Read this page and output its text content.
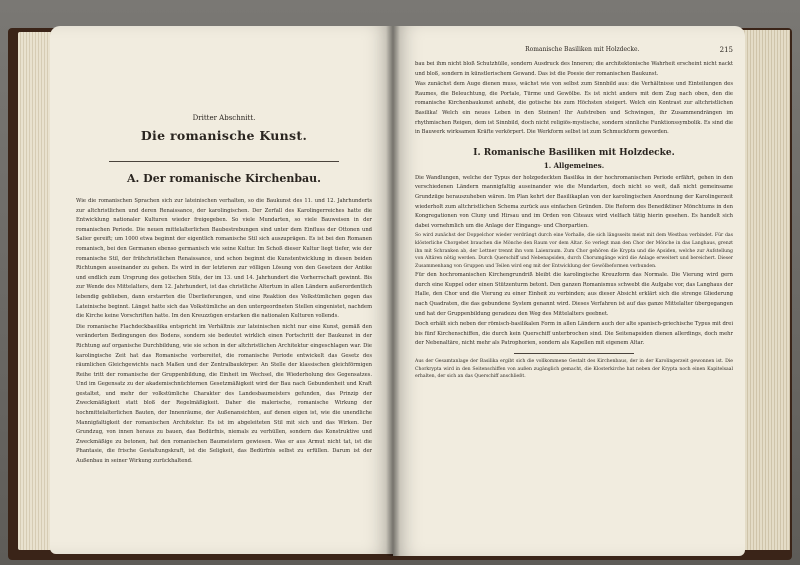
Dritter Abschnitt.

Die romanische Kunst.

A. Der romanische Kirchenbau.

Wie die romanischen Sprachen sich zur lateinischen verhalten, so die Baukunst des 11. und 12. Jahrhunderts zur altchristlichen und deren Renaissance, der karolingischen. Der Zerfall des Karolingerreiches hatte die Entwicklung nationaler Kulturen wieder freigegeben. So viele Mundarten, so viele Bauweisen in der romanischen Periode. Die neuen mittelalterlichen Baubestrebungen sind unter dem Einfluss der Ottonen und Salier gereift; um 1000 etwa beginnt der eigentlich romanische Stil sich auszuprägen. Es ist bei den Romanen romanisch, bei den Germanen ebenso germanisch wie seine Kultur. Im Schoß dieser Kultur liegt tiefer, wie der romanische Stil, der frühchristlichen Renaissance, und schon beginnt die Kunstentwicklung in diesen beiden Richtungen auseinander zu gehen. Es wird in der letzteren zur völligen Lösung von den Gesetzen der Antike und endlich zum Ursprung des gotischen Stils, der im 13. und 14. Jahrhundert die Vorherrschaft gewinnt. Bis zur Wende des Mittelalters, dem 12. Jahrhundert, ist das christliche Altertum in allen Ländern außerordentlich lebendig geblieben, dann erstarrten die Überlieferungen, und eine Reaktion des Volkstümlichen gegen das Lateinische beginnt. Längst hatte sich das Volkstümliche an den untergeordneten Stellen eingenistet, nachdem die Kirche keine Vorschriften hatte. Im den Kreuzzügen erstarken die nationalen Kulturen vollends.

Die romanische Flachdeckbasilika entspricht im Verhältnis zur lateinischen nicht nur eine Kunst, gemäß den veränderten Bedingungen des Bodens, sondern sie bedeutet wirklich einen Fortschritt der Baukunst in der Richtung auf organische Durchbildung, wie sie schon in der altchristlichen Architektur eingeschlagen war. Die karolingische Zeit hat das Romanische vorbereitet, die romanische Periode entwickelt das Gesetz des räumlichen Gleichgewichts nach Maßen und der Zentralbaukörper. An Stelle der klassischen gleichförmigen Reihe tritt der romanische der Gruppenbildung, die Einheit im Wechsel, die Wiederholung des Gegensatzes. Und im Gegensatz zu der akademischnüchternen Gesetzmäßigkeit wird der Bau nach Gebundenheit und Kraft gestaltet, und mehr der volkstümliche Charakter des Landesbaumeisters gefunden, das Prinzip der Zweckmäßigkeit statt bloß der Regelmäßigkeit. Daher die malerische, romanische Wirkung der hochmittelalterlichen Bauten, der Innenräume, der Außenansichten, auf denen eigen ist, wie die unendliche Mannigfaltigkeit der romanischen Architektur. Es ist im abgeleiteten Stil mit sich und das Wirken. Der Grundzug, von innen heraus zu bauen, das Bedürfnis, niemals zu verhüllen, sondern das Konstruktive und Zweckmäßige zu betonen, hat den romanischen Baumeistern gewiesen. Was er aus Armut nicht tat, ist die Phantasie, die frische Gestaltungskraft, ist die Seligkeit, das Bedürfnis selbst zu erfüllen. Darum ist der Außenbau in seiner Wirkung zurückhaltend.

Romanische Basiliken mit Holzdecke.	215

bau bei ihm nicht bloß Schutzhülle, sondern Ausdruck des Inneren; die architektonische Wahrheit erscheint nicht nackt und bloß, sondern in künstlerischem Gewand. Das ist die Poesie der romanischen Baukunst.

Was zunächst dem Auge dienen muss, wächst wie von selbst zum Sinnbild aus: die Verhältnisse und Einteilungen des Raumes, die Beleuchtung, die Portale, Türme und Gewölbe. Es ist nicht anders mit dem Zug nach oben, den die romanische Kirchenbaukunst anhebt, die gotische bis zum Höchsten steigert. Welch ein Kontrast zur altchristlichen Basilika! Welch ein neues Leben in den Steinen! Ihr Aufstreben und Schwingen, ihr Zusammendrängen im rhythmischen Reigen, dem ist Sinnbild, doch nicht religiös-mystische, sondern sinnliche Funktionssymbolik. Es sind die in Bauwerk wirksamen Kräfte verkörpert. Die Werkform selbst ist zum Schmuckform geworden.

I. Romanische Basiliken mit Holzdecke.

1. Allgemeines.

Die Wandlungen, welche der Typus der holzgedeckten Basilika in der hochromanischen Periode erfährt, gehen in den verschiedenen Ländern mannigfaltig auseinander wie die Mundarten, doch nicht so weit, daß nicht gemeinsame Grundzüge herauszuheben wären. Im Plan kehrt der Basilikaplan von der karolingischen Anordnung der Karolingerzeit wiederholt zum altchristlichen Schema zurück aus einfachen Gründen. Die Reform des Benediktiner Mönchtums in den Kongregationen von Cluny und Hirsau und im Orden von Citeaux wird vielfach tätig hierin gesehen. Es handelt sich dabei vornehmlich um die Anlage der Eingangs- und Chorpartien.

So wird zunächst der Doppelchor wieder verdrängt durch eine Vorhalle, die sich längsseits meist mit dem Westbau verbindet. Für das klösterliche Chorgebet brauchen die Mönche den Raum vor dem Altar. So verlegt man den Chor der Mönche in das Langhaus, grenzt ihn mit Schranken ab, der Lettner trennt ihn vom Laienraum. Zum Chor gehören die Krypta und die Apsiden, welche zur Aufstellung von Altären nötig werden. Durch Querschiff und Nebenapsiden, durch Chorumgänge wird die Anlage erweitert und bereichert. Dieser Zusammenhang von Gruppen und Teilen wird eng mit der Entwicklung der Gewölbeformen verbunden.

Für den hochromanischen Kirchengrundriß bleibt die karolingische Kreuzform das Normale. Die Vierung wird gern durch eine Kuppel oder einen Stützenturm betont. Den ganzen Romanismus schwebt die Aufgabe vor, das Langhaus der Halle, den Chor und die Vierung zu einer Einheit zu verbinden; aus dieser Absicht erklärt sich die strenge Gliederung nach Quadraten, die das gebundene System genannt wird. Dieses Verfahren ist auf das ganze Mittelalter übergegangen und hat der Gruppenbildung geradezu den Weg des Mittelalters geebnet.

Doch erhält sich neben der römisch-basilikalen Form in allen Ländern auch der alte spanisch-griechische Typus mit drei bis fünf Kirchenschiffen, die durch kein Querschiff unterbrochen sind. Die Seitenapsiden dienen allerdings, doch mehr der Nebenaltäre, nicht mehr als Patrophorien, sondern als Kapellen mit eigenem Altar.

Aus der Gesamtanlage der Basilika ergibt sich die vollkommene Gestalt des Kirchenbaus, der in der Karolingerzeit gewonnen ist. Die Chorkrypta wird in den Seitenschiffen von außen zugänglich gemacht, die Klosterkirche hat neben der Krypta noch einen Kapitelsaal erhalten, der sich an das Querschiff anschließt.
